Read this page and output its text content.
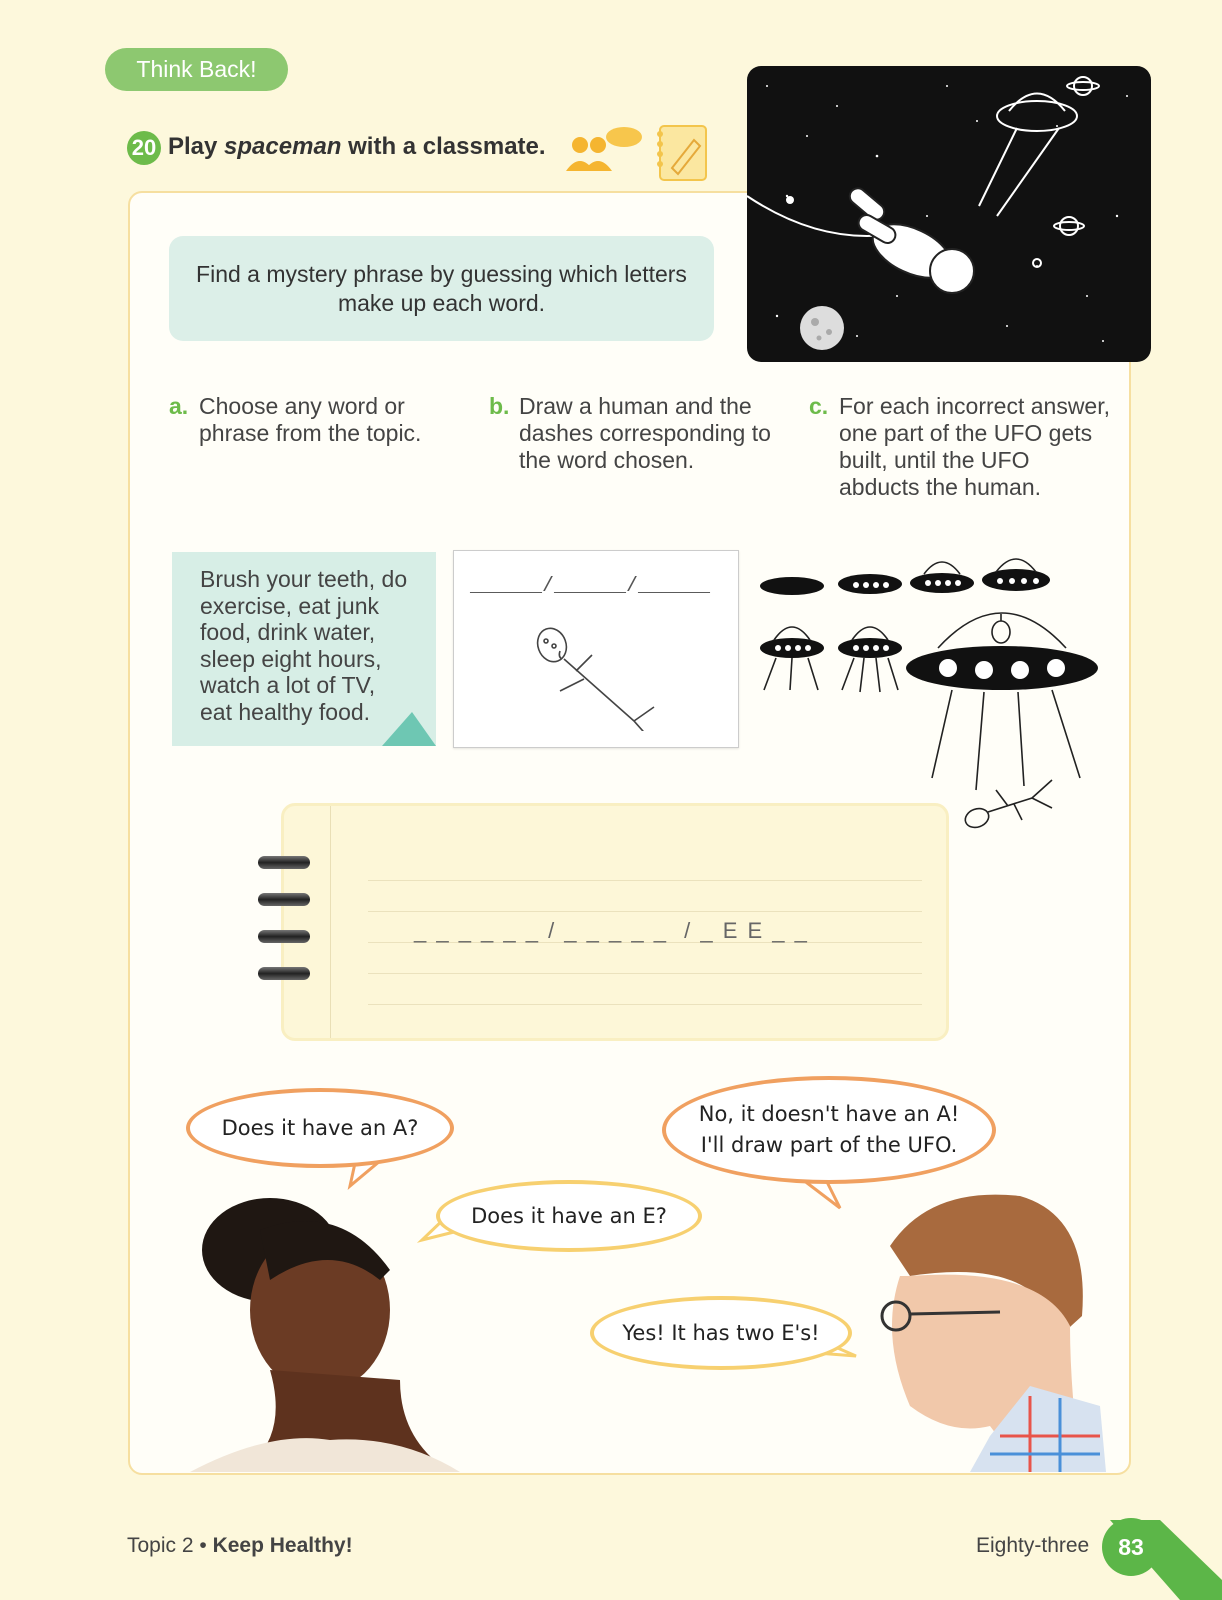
Think Back!
20 Play spaceman with a classmate.
Find a mystery phrase by guessing which letters make up each word.
a. Choose any word or phrase from the topic.
b. Draw a human and the dashes corresponding to the word chosen.
c. For each incorrect answer, one part of the UFO gets built, until the UFO abducts the human.
Brush your teeth, do
exercise, eat junk
food, drink water,
sleep eight hours,
watch a lot of TV,
eat healthy food.
______/______/______
_ _ _ _ _ _ / _ _ _ _ _  / _ E E _ _
Does it have an A?
Does it have an E?
No, it doesn't have an A!
I'll draw part of the UFO.
Yes! It has two E's!
Topic 2 • Keep Healthy!	Eighty-three	83
